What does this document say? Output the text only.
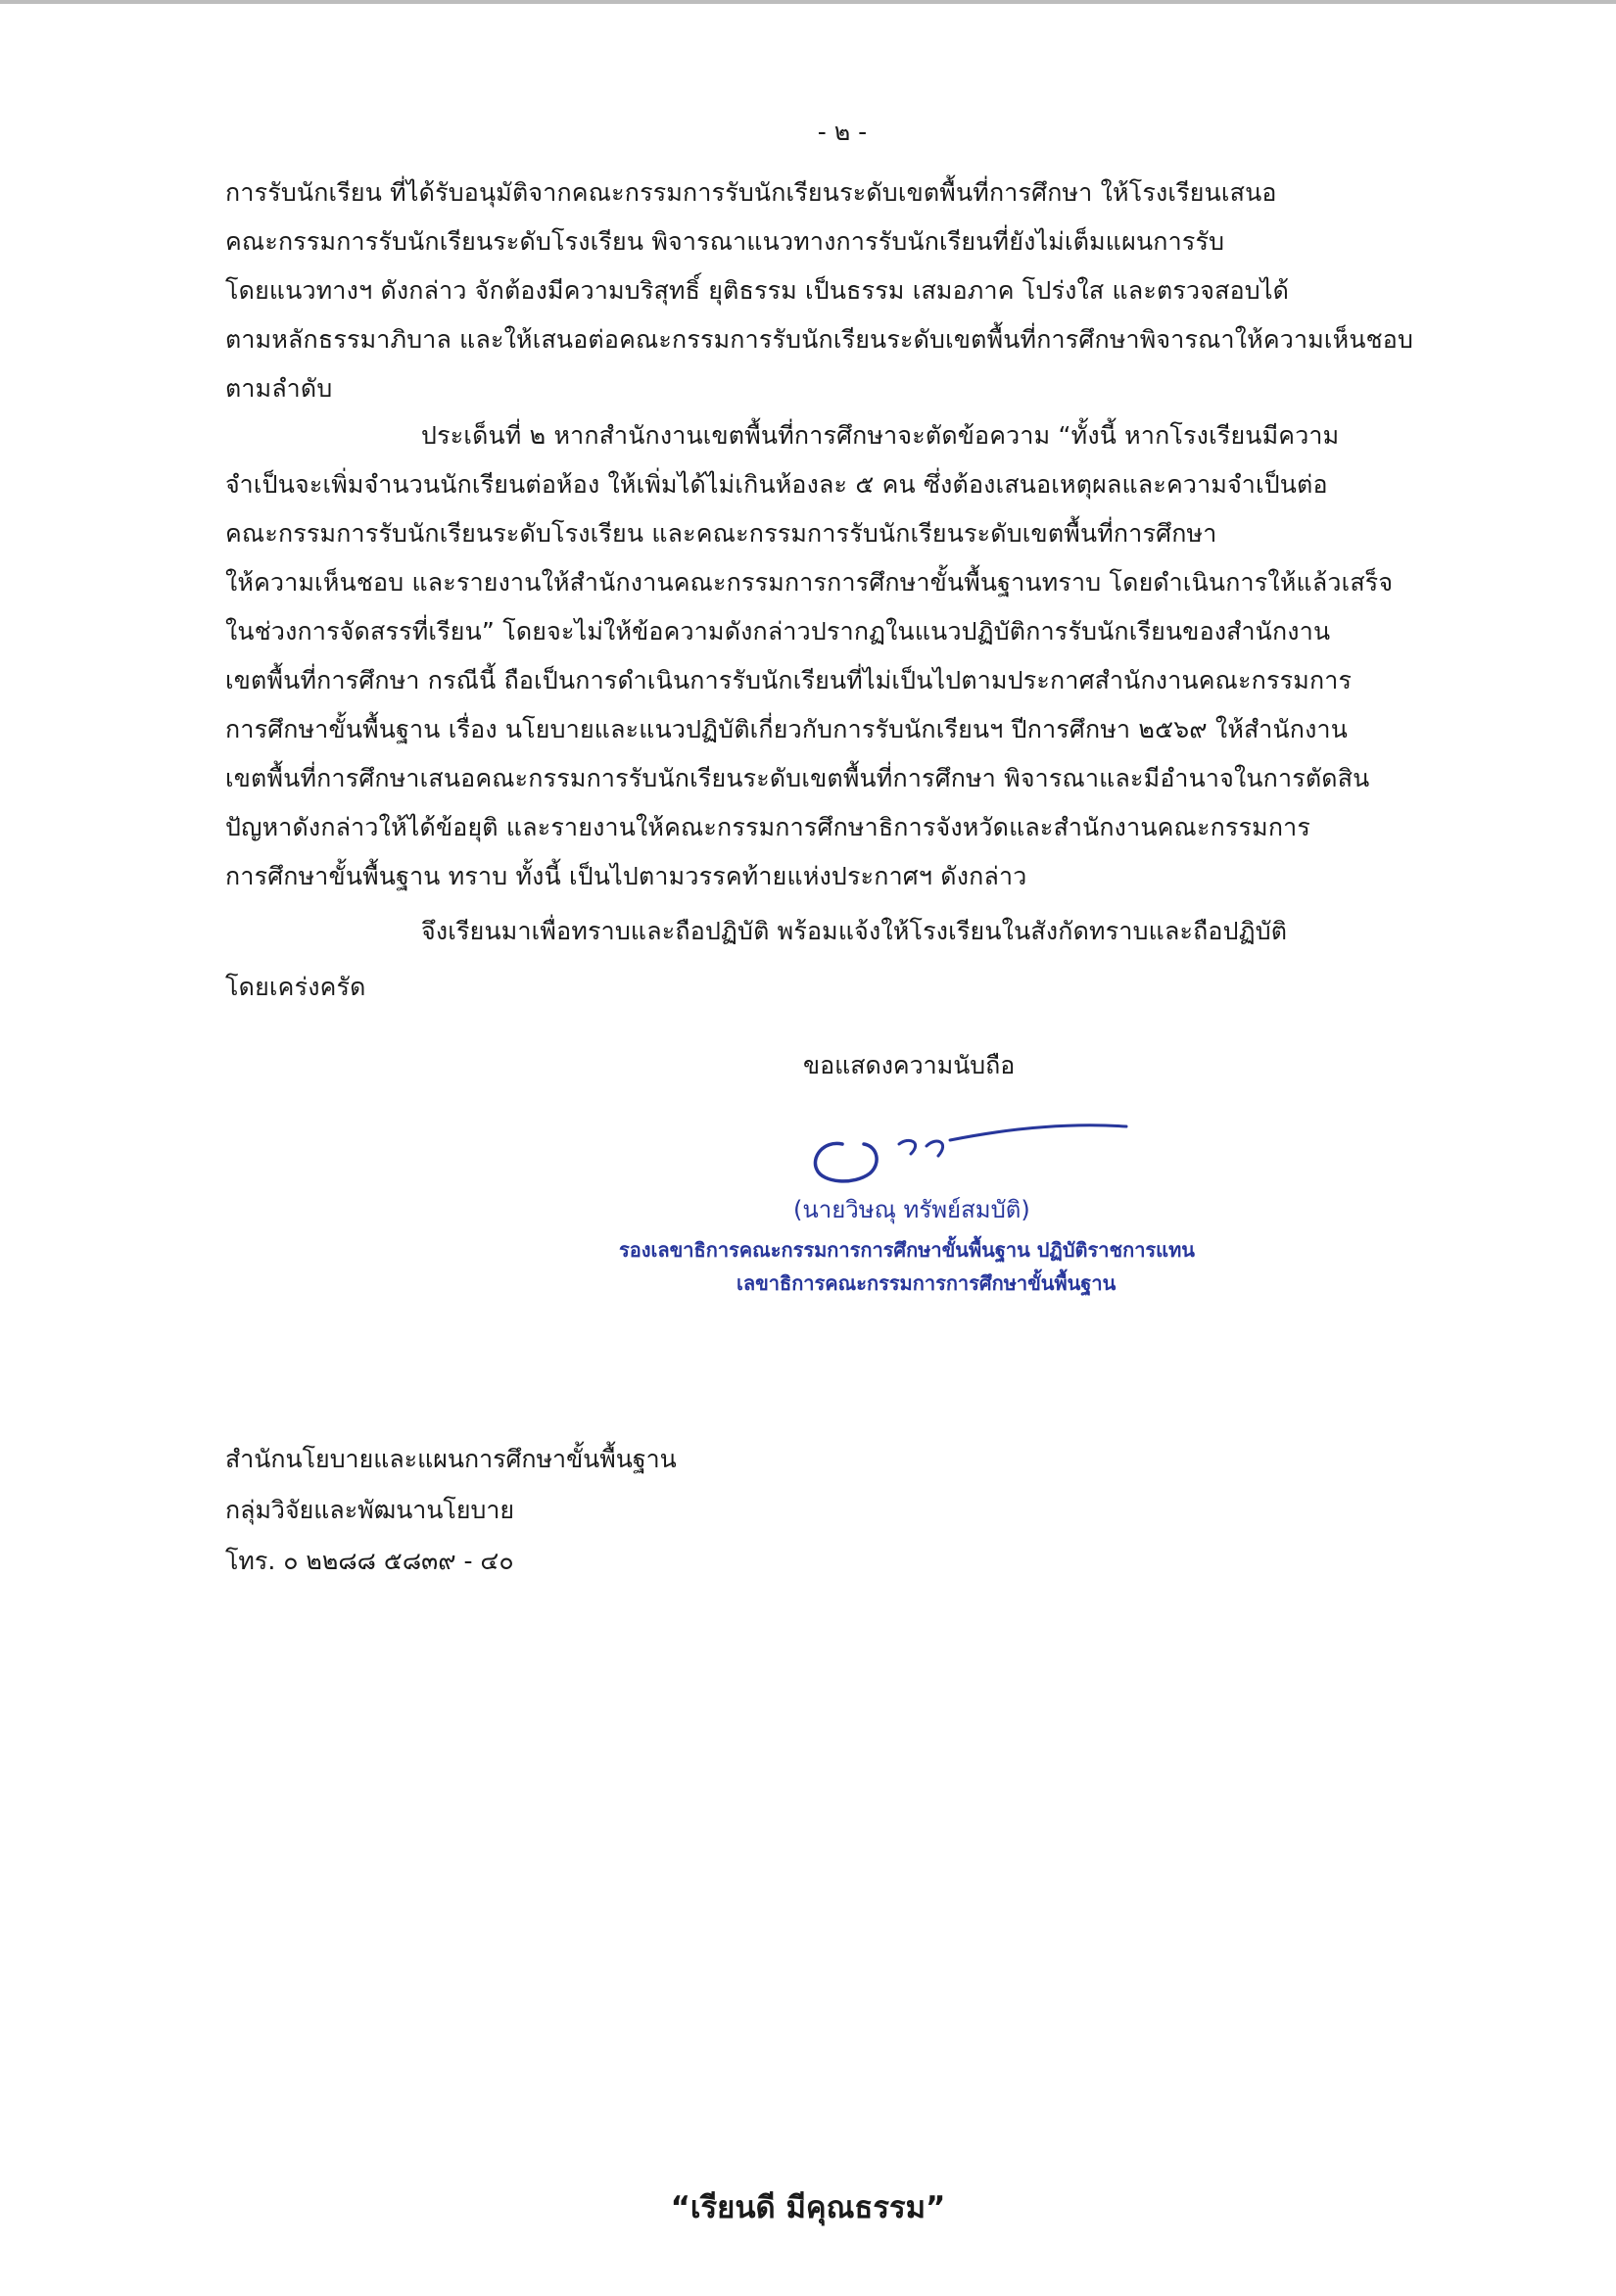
- ๒ -
การรับนักเรียน ที่ได้รับอนุมัติจากคณะกรรมการรับนักเรียนระดับเขตพื้นที่การศึกษา ให้โรงเรียนเสนอ
คณะกรรมการรับนักเรียนระดับโรงเรียน พิจารณาแนวทางการรับนักเรียนที่ยังไม่เต็มแผนการรับ
โดยแนวทางฯ ดังกล่าว จักต้องมีความบริสุทธิ์ ยุติธรรม เป็นธรรม เสมอภาค โปร่งใส และตรวจสอบได้
ตามหลักธรรมาภิบาล และให้เสนอต่อคณะกรรมการรับนักเรียนระดับเขตพื้นที่การศึกษาพิจารณาให้ความเห็นชอบ
ตามลำดับ
ประเด็นที่ ๒ หากสำนักงานเขตพื้นที่การศึกษาจะตัดข้อความ “ทั้งนี้ หากโรงเรียนมีความ
จำเป็นจะเพิ่มจำนวนนักเรียนต่อห้อง ให้เพิ่มได้ไม่เกินห้องละ ๕ คน ซึ่งต้องเสนอเหตุผลและความจำเป็นต่อ
คณะกรรมการรับนักเรียนระดับโรงเรียน และคณะกรรมการรับนักเรียนระดับเขตพื้นที่การศึกษา
ให้ความเห็นชอบ และรายงานให้สำนักงานคณะกรรมการการศึกษาขั้นพื้นฐานทราบ โดยดำเนินการให้แล้วเสร็จ
ในช่วงการจัดสรรที่เรียน” โดยจะไม่ให้ข้อความดังกล่าวปรากฏในแนวปฏิบัติการรับนักเรียนของสำนักงาน
เขตพื้นที่การศึกษา กรณีนี้ ถือเป็นการดำเนินการรับนักเรียนที่ไม่เป็นไปตามประกาศสำนักงานคณะกรรมการ
การศึกษาขั้นพื้นฐาน เรื่อง นโยบายและแนวปฏิบัติเกี่ยวกับการรับนักเรียนฯ ปีการศึกษา ๒๕๖๙ ให้สำนักงาน
เขตพื้นที่การศึกษาเสนอคณะกรรมการรับนักเรียนระดับเขตพื้นที่การศึกษา พิจารณาและมีอำนาจในการตัดสิน
ปัญหาดังกล่าวให้ได้ข้อยุติ และรายงานให้คณะกรรมการศึกษาธิการจังหวัดและสำนักงานคณะกรรมการ
การศึกษาขั้นพื้นฐาน ทราบ ทั้งนี้ เป็นไปตามวรรคท้ายแห่งประกาศฯ ดังกล่าว
จึงเรียนมาเพื่อทราบและถือปฏิบัติ พร้อมแจ้งให้โรงเรียนในสังกัดทราบและถือปฏิบัติ
โดยเคร่งครัด
ขอแสดงความนับถือ
(นายวิษณุ ทรัพย์สมบัติ)
รองเลขาธิการคณะกรรมการการศึกษาขั้นพื้นฐาน ปฏิบัติราชการแทน
เลขาธิการคณะกรรมการการศึกษาขั้นพื้นฐาน
สำนักนโยบายและแผนการศึกษาขั้นพื้นฐาน
กลุ่มวิจัยและพัฒนานโยบาย
โทร. ๐ ๒๒๘๘ ๕๘๓๙ - ๔๐
“เรียนดี มีคุณธรรม”
